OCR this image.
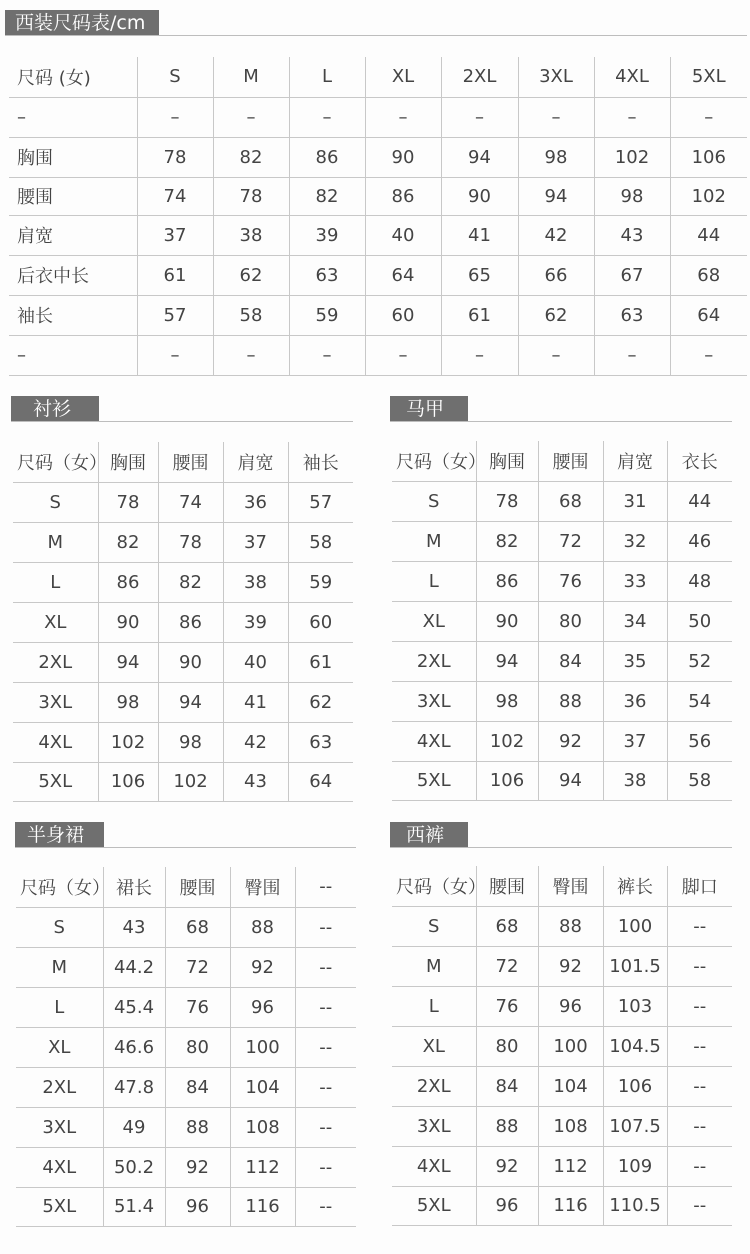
西装尺码表/cm
尺码 (女)	S	M	L	XL	2XL	3XL	4XL	5XL
–	–	–	–	–	–	–	–	–
胸围	78	82	86	90	94	98	102	106
腰围	74	78	82	86	90	94	98	102
肩宽	37	38	39	40	41	42	43	44
后衣中长	61	62	63	64	65	66	67	68
袖长	57	58	59	60	61	62	63	64
–	–	–	–	–	–	–	–	–
衬衫
尺码（女）	胸围	腰围	肩宽	袖长
S	78	74	36	57
M	82	78	37	58
L	86	82	38	59
XL	90	86	39	60
2XL	94	90	40	61
3XL	98	94	41	62
4XL	102	98	42	63
5XL	106	102	43	64
马甲
尺码（女）	胸围	腰围	肩宽	衣长
S	78	68	31	44
M	82	72	32	46
L	86	76	33	48
XL	90	80	34	50
2XL	94	84	35	52
3XL	98	88	36	54
4XL	102	92	37	56
5XL	106	94	38	58
半身裙
尺码（女）	裙长	腰围	臀围	--
S	43	68	88	--
M	44.2	72	92	--
L	45.4	76	96	--
XL	46.6	80	100	--
2XL	47.8	84	104	--
3XL	49	88	108	--
4XL	50.2	92	112	--
5XL	51.4	96	116	--
西裤
尺码（女）	腰围	臀围	裤长	脚口
S	68	88	100	--
M	72	92	101.5	--
L	76	96	103	--
XL	80	100	104.5	--
2XL	84	104	106	--
3XL	88	108	107.5	--
4XL	92	112	109	--
5XL	96	116	110.5	--
